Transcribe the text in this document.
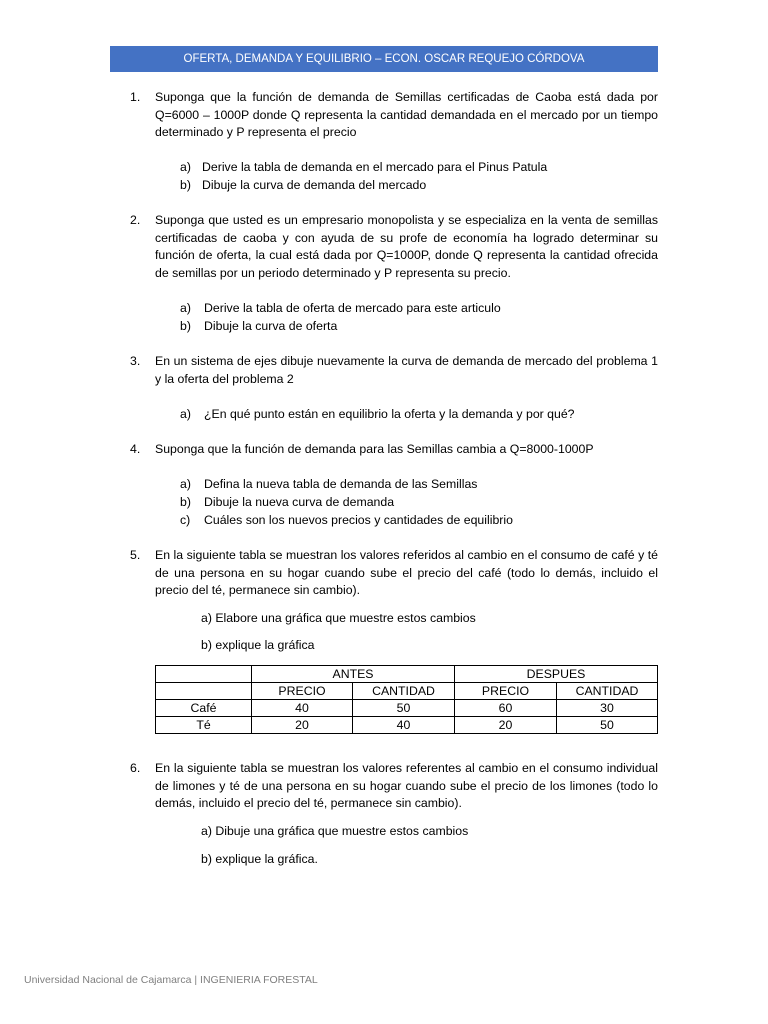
OFERTA, DEMANDA Y EQUILIBRIO – ECON. OSCAR REQUEJO CÓRDOVA
1. Suponga que la función de demanda de Semillas certificadas de Caoba está dada por Q=6000 – 1000P donde Q representa la cantidad demandada en el mercado por un tiempo determinado y P representa el precio
a) Derive la tabla de demanda en el mercado para el Pinus Patula
b) Dibuje la curva de demanda del mercado
2. Suponga que usted es un empresario monopolista y se especializa en la venta de semillas certificadas de caoba y con ayuda de su profe de economía ha logrado determinar su función de oferta, la cual está dada por Q=1000P, donde Q representa la cantidad ofrecida de semillas por un periodo determinado y P representa su precio.
a) Derive la tabla de oferta de mercado para este articulo
b) Dibuje la curva de oferta
3. En un sistema de ejes dibuje nuevamente la curva de demanda de mercado del problema 1 y la oferta del problema 2
a) ¿En qué punto están en equilibrio la oferta y la demanda y por qué?
4. Suponga que la función de demanda para las Semillas cambia a Q=8000-1000P
a) Defina la nueva tabla de demanda de las Semillas
b) Dibuje la nueva curva de demanda
c) Cuáles son los nuevos precios y cantidades de equilibrio
5. En la siguiente tabla se muestran los valores referidos al cambio en el consumo de café y té de una persona en su hogar cuando sube el precio del café (todo lo demás, incluido el precio del té, permanece sin cambio).
a) Elabore una gráfica que muestre estos cambios
b) explique la gráfica
	ANTES		DESPUES	
	PRECIO	CANTIDAD	PRECIO	CANTIDAD
Café	40	50	60	30
Té	20	40	20	50
6. En la siguiente tabla se muestran los valores referentes al cambio en el consumo individual de limones y té de una persona en su hogar cuando sube el precio de los limones (todo lo demás, incluido el precio del té, permanece sin cambio).
a) Dibuje una gráfica que muestre estos cambios
b) explique la gráfica.
Universidad Nacional de Cajamarca | INGENIERIA FORESTAL
